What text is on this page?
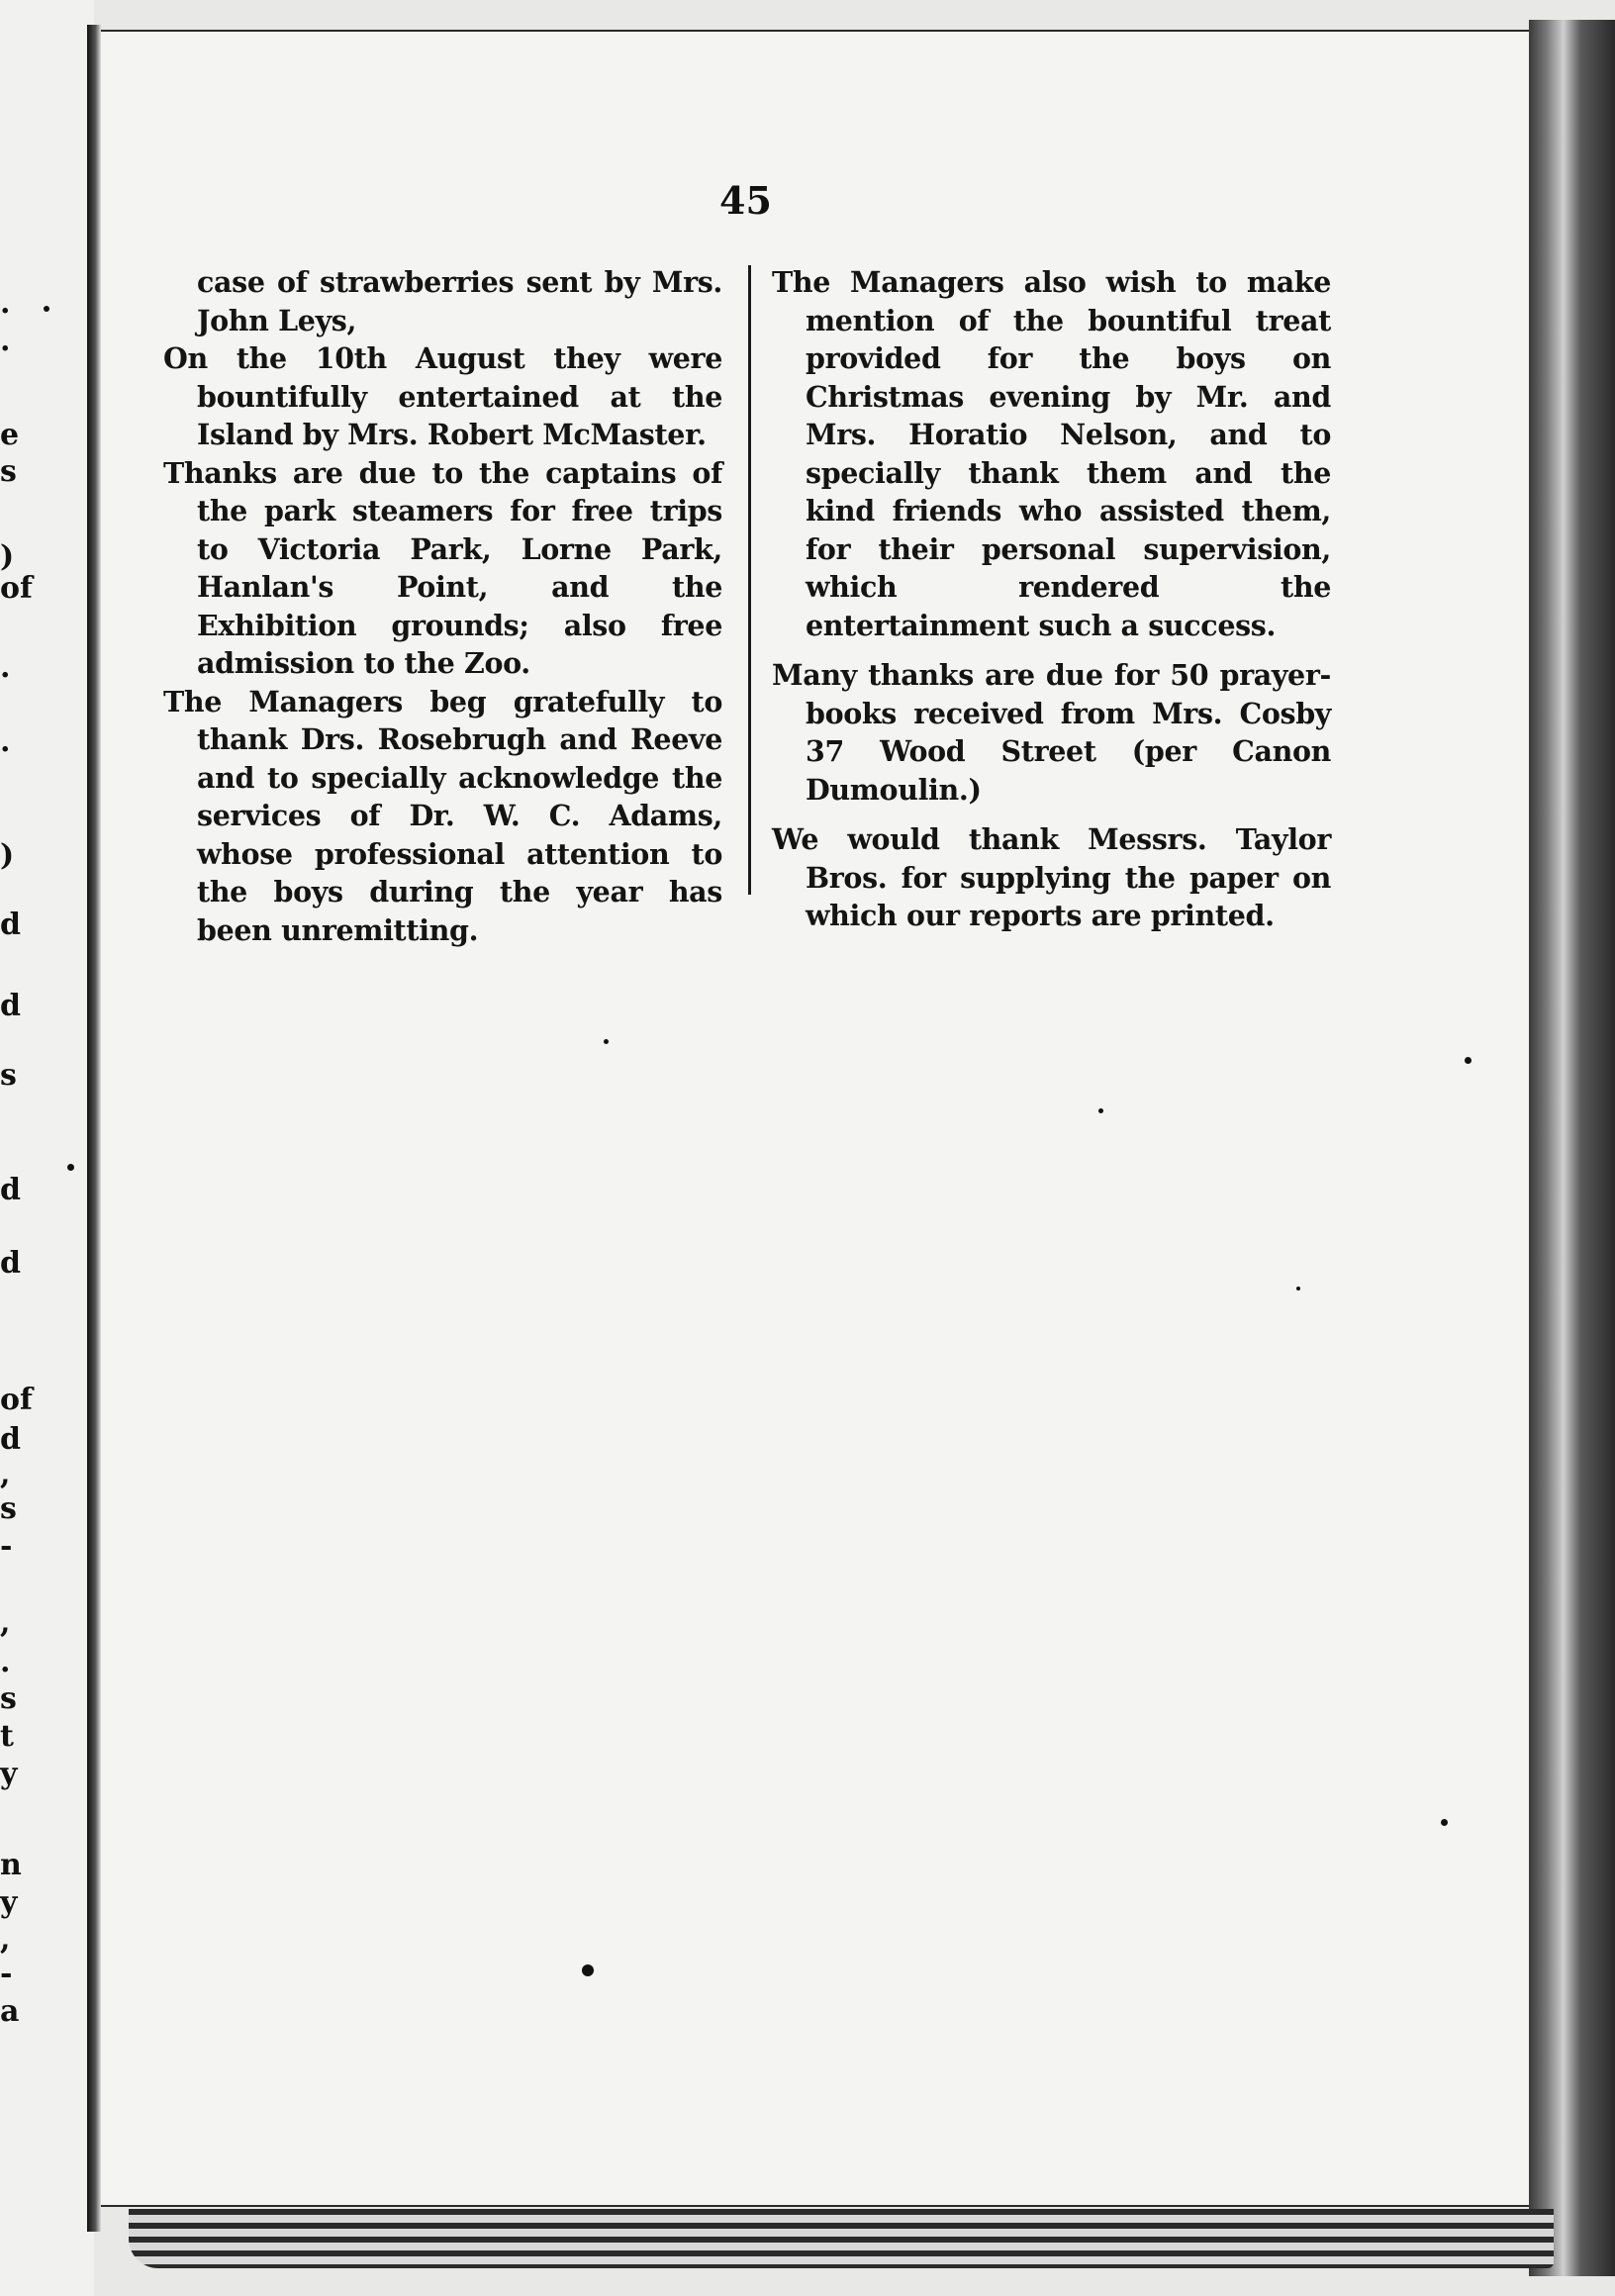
.
.
e
s
)
of
.
.
)
d
d
s
d
d
of
d
,
s
-
,
.
s
t
y
n
y
,
-
a
45

case of strawberries sent by Mrs. John Leys,

On the 10th August they were bountifully entertained at the Island by Mrs. Robert McMaster.

Thanks are due to the captains of the park steamers for free trips to Victoria Park, Lorne Park, Hanlan's Point, and the Exhibition grounds; also free admission to the Zoo.

The Managers beg gratefully to thank Drs. Rosebrugh and Reeve and to specially acknowledge the services of Dr. W. C. Adams, whose professional attention to the boys during the year has been unremitting.

The Managers also wish to make mention of the bountiful treat provided for the boys on Christmas evening by Mr. and Mrs. Horatio Nelson, and to specially thank them and the kind friends who assisted them, for their personal supervision, which rendered the entertainment such a success.

Many thanks are due for 50 prayer-books received from Mrs. Cosby 37 Wood Street (per Canon Dumoulin.)

We would thank Messrs. Taylor Bros. for supplying the paper on which our reports are printed.
